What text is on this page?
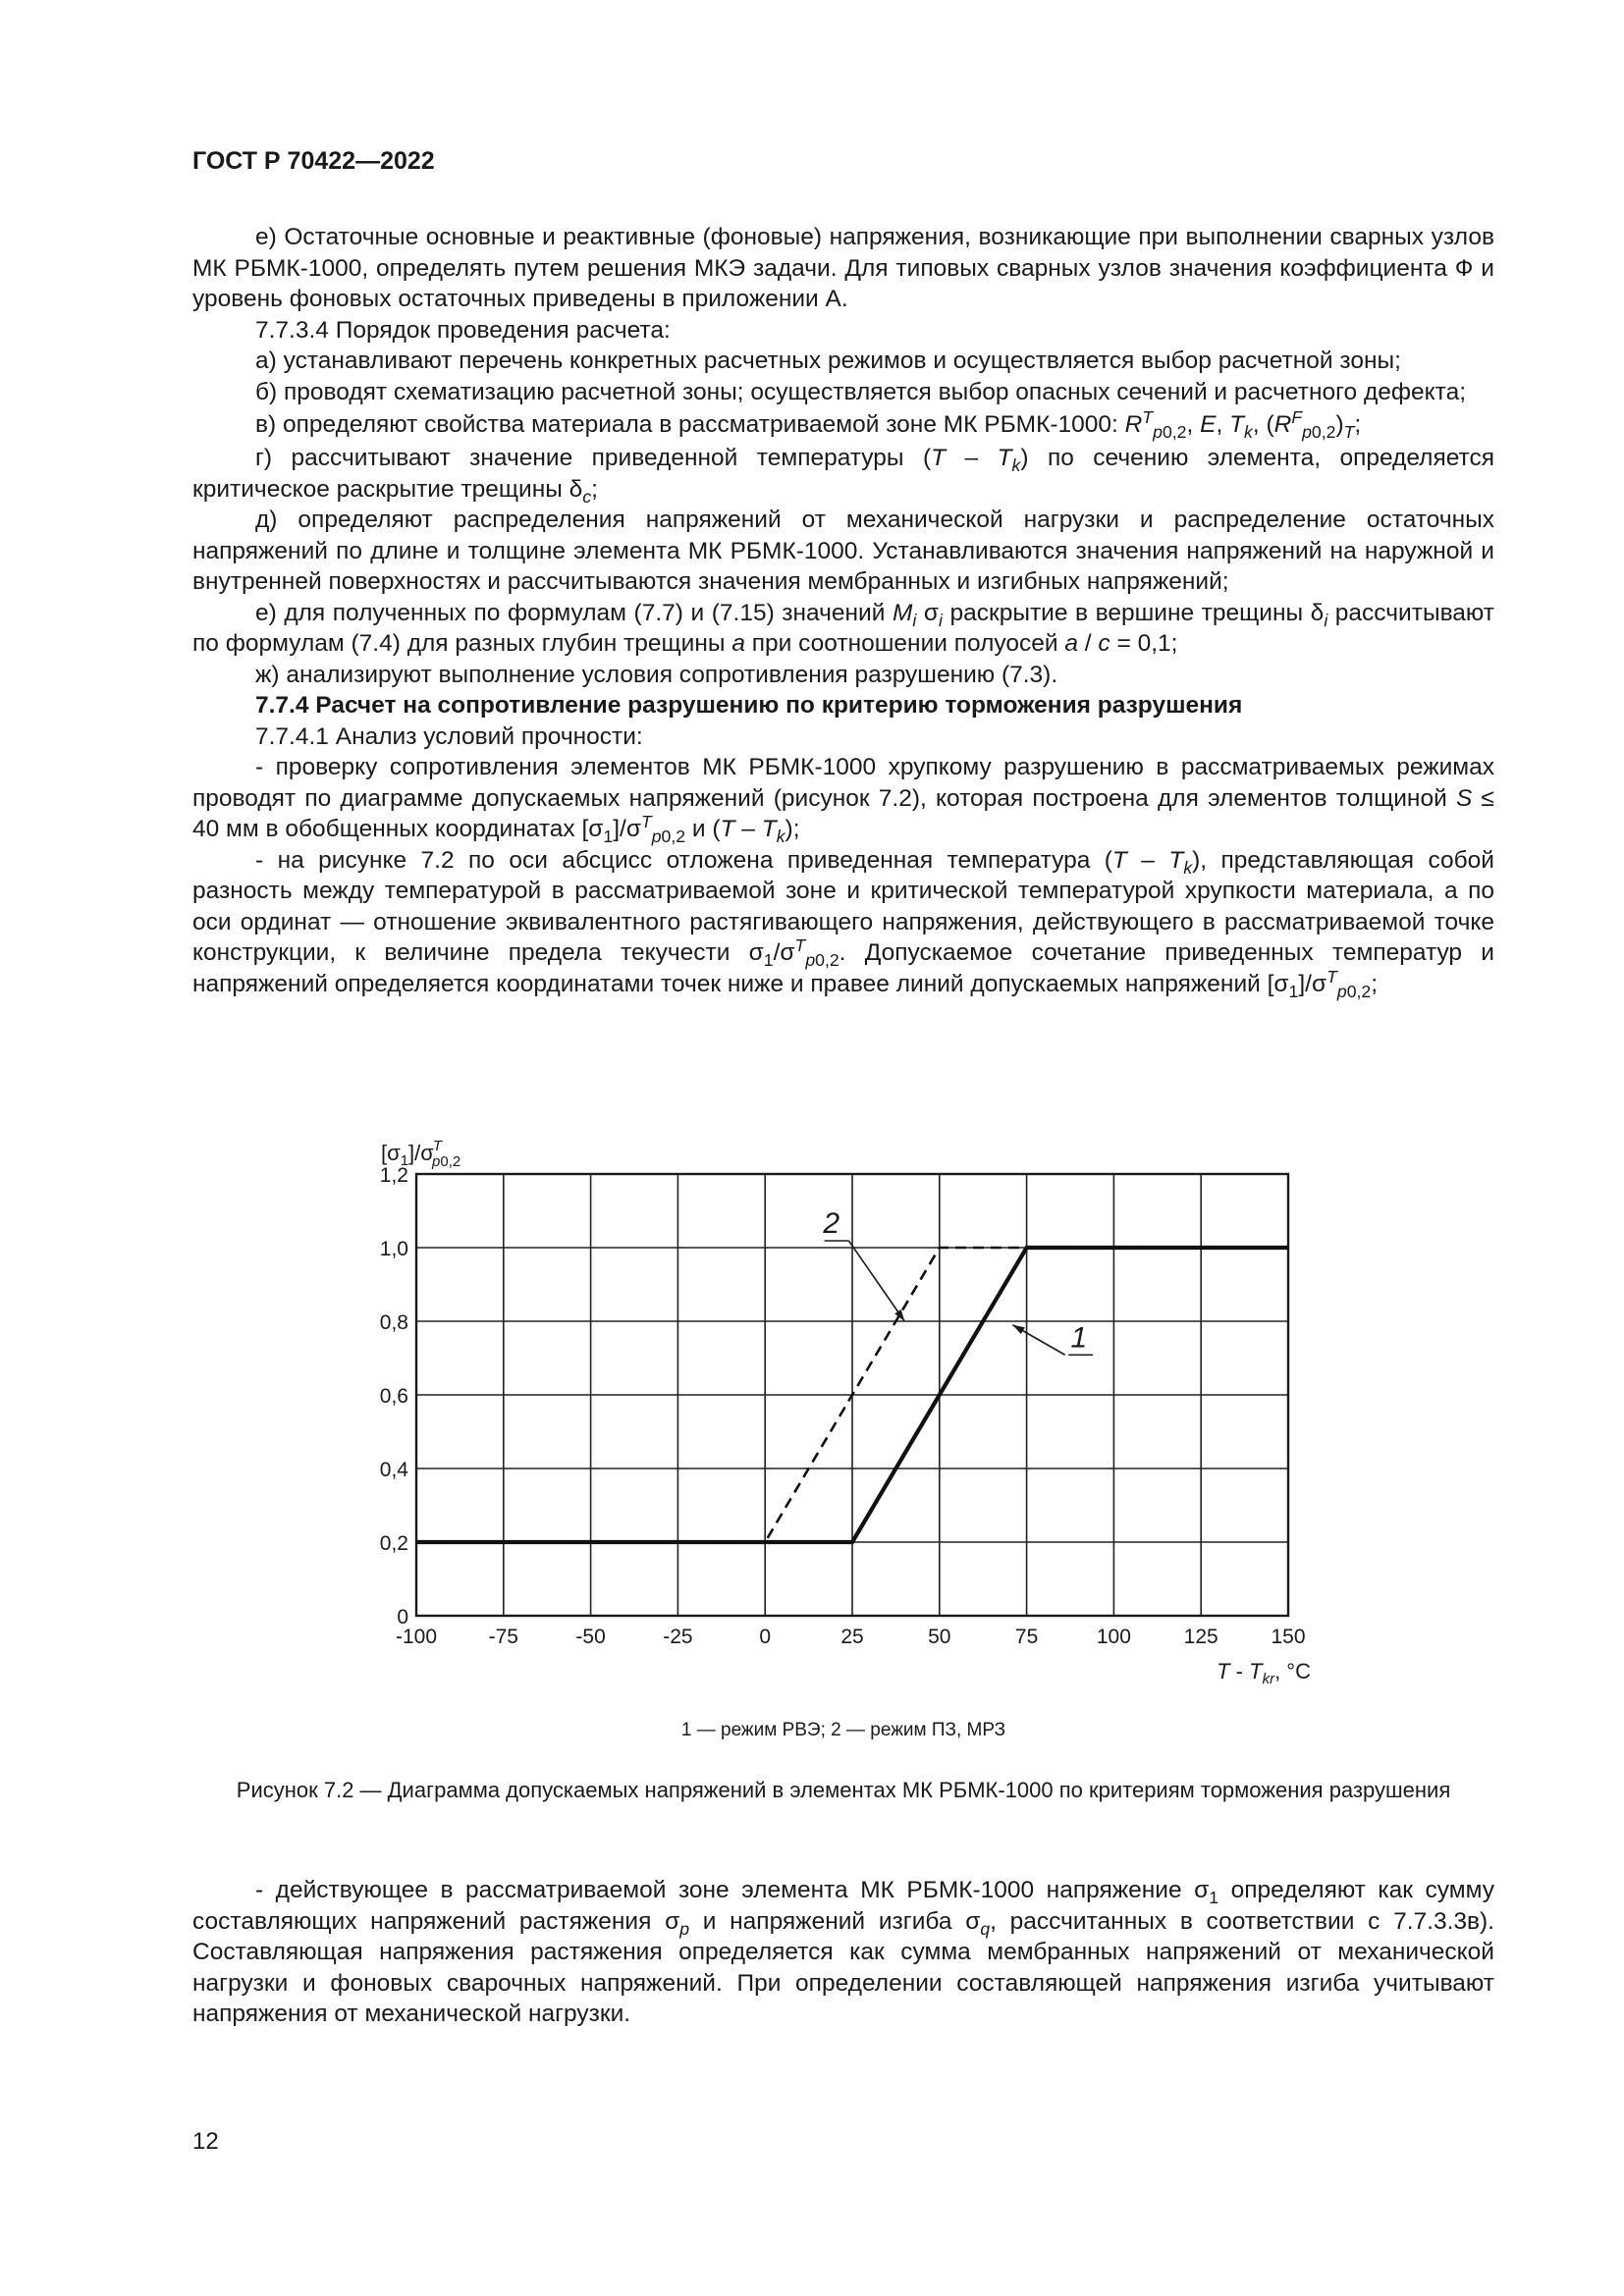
ГОСТ Р 70422—2022

е) Остаточные основные и реактивные (фоновые) напряжения, возникающие при выполнении сварных узлов МК РБМК-1000, определять путем решения МКЭ задачи. Для типовых сварных узлов значения коэффициента Ф и уровень фоновых остаточных приведены в приложении А.

7.7.3.4 Порядок проведения расчета:

а) устанавливают перечень конкретных расчетных режимов и осуществляется выбор расчетной зоны;

б) проводят схематизацию расчетной зоны; осуществляется выбор опасных сечений и расчетного дефекта;

в) определяют свойства материала в рассматриваемой зоне МК РБМК-1000: $R^T_{p0,2}$, E, $T_k$, $(R^F_{p0,2})_T$;

г) рассчитывают значение приведенной температуры $(T - T_k)$ по сечению элемента, определяется критическое раскрытие трещины $\delta_c$;

д) определяют распределения напряжений от механической нагрузки и распределение остаточных напряжений по длине и толщине элемента МК РБМК-1000. Устанавливаются значения напряжений на наружной и внутренней поверхностях и рассчитываются значения мембранных и изгибных напряжений;

е) для полученных по формулам (7.7) и (7.15) значений $M_i$ $\sigma_i$ раскрытие в вершине трещины $\delta_i$ рассчитывают по формулам (7.4) для разных глубин трещины a при соотношении полуосей a / c = 0,1;

ж) анализируют выполнение условия сопротивления разрушению (7.3).

7.7.4 Расчет на сопротивление разрушению по критерию торможения разрушения

7.7.4.1 Анализ условий прочности:

- проверку сопротивления элементов МК РБМК-1000 хрупкому разрушению в рассматриваемых режимах проводят по диаграмме допускаемых напряжений (рисунок 7.2), которая построена для элементов толщиной S ≤ 40 мм в обобщенных координатах $[\sigma_1]/\sigma^T_{p0,2}$ и $(T - T_k)$;

- на рисунке 7.2 по оси абсцисс отложена приведенная температура $(T - T_k)$, представляющая собой разность между температурой в рассматриваемой зоне и критической температурой хрупкости материала, а по оси ординат — отношение эквивалентного растягивающего напряжения, действующего в рассматриваемой точке конструкции, к величине предела текучести $\sigma_1/\sigma^T_{p0,2}$. Допускаемое сочетание приведенных температур и напряжений определяется координатами точек ниже и правее линий допускаемых напряжений $[\sigma_1]/\sigma^T_{p0,2}$;

$[\sigma_1]/\sigma T$ p0,2
T - $T_{kr}$, °C
-100	-75	-50	-25	0	25	50	75	100	125	150
0
0,2
0,4
0,6
0,8
1,0
1,2
2
1
1 — режим РВЭ; 2 — режим ПЗ, МРЗ
Рисунок 7.2 — Диаграмма допускаемых напряжений в элементах МК РБМК-1000 по критериям торможения разрушения

- действующее в рассматриваемой зоне элемента МК РБМК-1000 напряжение $\sigma_1$ определяют как сумму составляющих напряжений растяжения $\sigma_p$ и напряжений изгиба $\sigma_q$, рассчитанных в соответствии с 7.7.3.3в). Составляющая напряжения растяжения определяется как сумма мембранных напряжений от механической нагрузки и фоновых сварочных напряжений. При определении составляющей напряжения изгиба учитывают напряжения от механической нагрузки.

12
